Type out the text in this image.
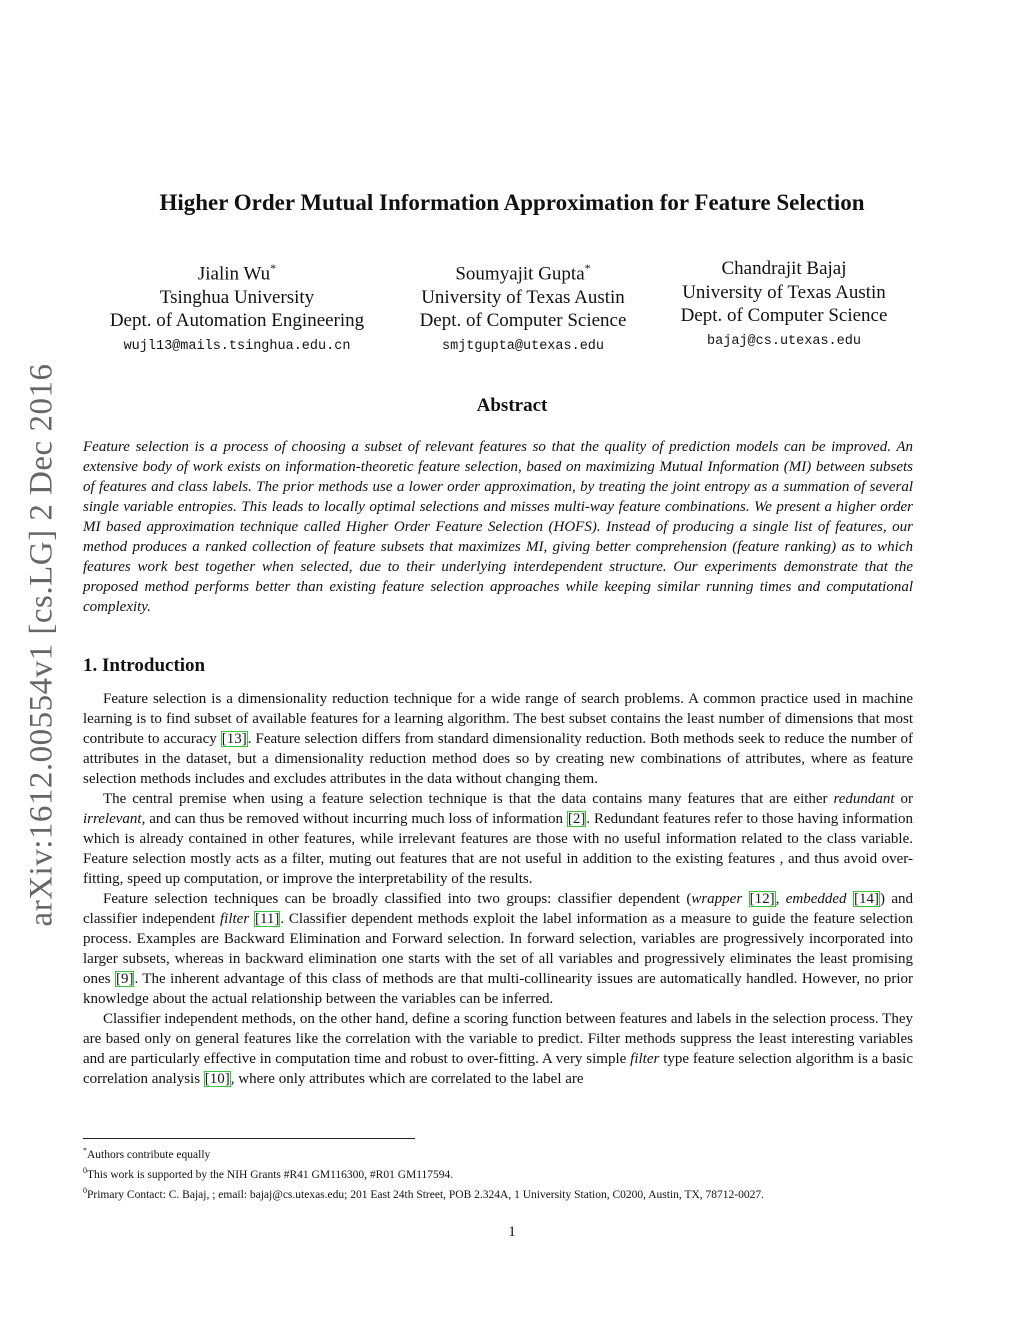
arXiv:1612.00554v1 [cs.LG] 2 Dec 2016
Higher Order Mutual Information Approximation for Feature Selection
Jialin Wu*
Tsinghua University
Dept. of Automation Engineering
wujl13@mails.tsinghua.edu.cn
Soumyajit Gupta*
University of Texas Austin
Dept. of Computer Science
smjtgupta@utexas.edu
Chandrajit Bajaj
University of Texas Austin
Dept. of Computer Science
bajaj@cs.utexas.edu
Abstract
Feature selection is a process of choosing a subset of relevant features so that the quality of prediction models can be improved. An extensive body of work exists on information-theoretic feature selection, based on maximizing Mutual Information (MI) between subsets of features and class labels. The prior methods use a lower order approximation, by treating the joint entropy as a summation of several single variable entropies. This leads to locally optimal selections and misses multi-way feature combinations. We present a higher order MI based approximation technique called Higher Order Feature Selection (HOFS). Instead of producing a single list of features, our method produces a ranked collection of feature subsets that maximizes MI, giving better comprehension (feature ranking) as to which features work best together when selected, due to their underlying interdependent structure. Our experiments demonstrate that the proposed method performs better than existing feature selection approaches while keeping similar running times and computational complexity.
1. Introduction

Feature selection is a dimensionality reduction technique for a wide range of search problems. A common practice used in machine learning is to find subset of available features for a learning algorithm. The best subset contains the least number of dimensions that most contribute to accuracy [13]. Feature selection differs from standard dimensionality reduction. Both methods seek to reduce the number of attributes in the dataset, but a dimensionality reduction method does so by creating new combinations of attributes, where as feature selection methods includes and excludes attributes in the data without changing them.

The central premise when using a feature selection technique is that the data contains many features that are either redundant or irrelevant, and can thus be removed without incurring much loss of information [2]. Redundant features refer to those having information which is already contained in other features, while irrelevant features are those with no useful information related to the class variable. Feature selection mostly acts as a filter, muting out features that are not useful in addition to the existing features , and thus avoid over-fitting, speed up computation, or improve the interpretability of the results.

Feature selection techniques can be broadly classified into two groups: classifier dependent (wrapper [12], embedded [14]) and classifier independent filter [11]. Classifier dependent methods exploit the label information as a measure to guide the feature selection process. Examples are Backward Elimination and Forward selection. In forward selection, variables are progressively incorporated into larger subsets, whereas in backward elimination one starts with the set of all variables and progressively eliminates the least promising ones [9]. The inherent advantage of this class of methods are that multi-collinearity issues are automatically handled. However, no prior knowledge about the actual relationship between the variables can be inferred.

Classifier independent methods, on the other hand, define a scoring function between features and labels in the selection process. They are based only on general features like the correlation with the variable to predict. Filter methods suppress the least interesting variables and are particularly effective in computation time and robust to over-fitting. A very simple filter type feature selection algorithm is a basic correlation analysis [10], where only attributes which are correlated to the label are

*Authors contribute equally
$^0$This work is supported by the NIH Grants #R41 GM116300, #R01 GM117594.
$^0$Primary Contact: C. Bajaj, ; email: bajaj@cs.utexas.edu; 201 East 24th Street, POB 2.324A, 1 University Station, C0200, Austin, TX, 78712-0027.
1
